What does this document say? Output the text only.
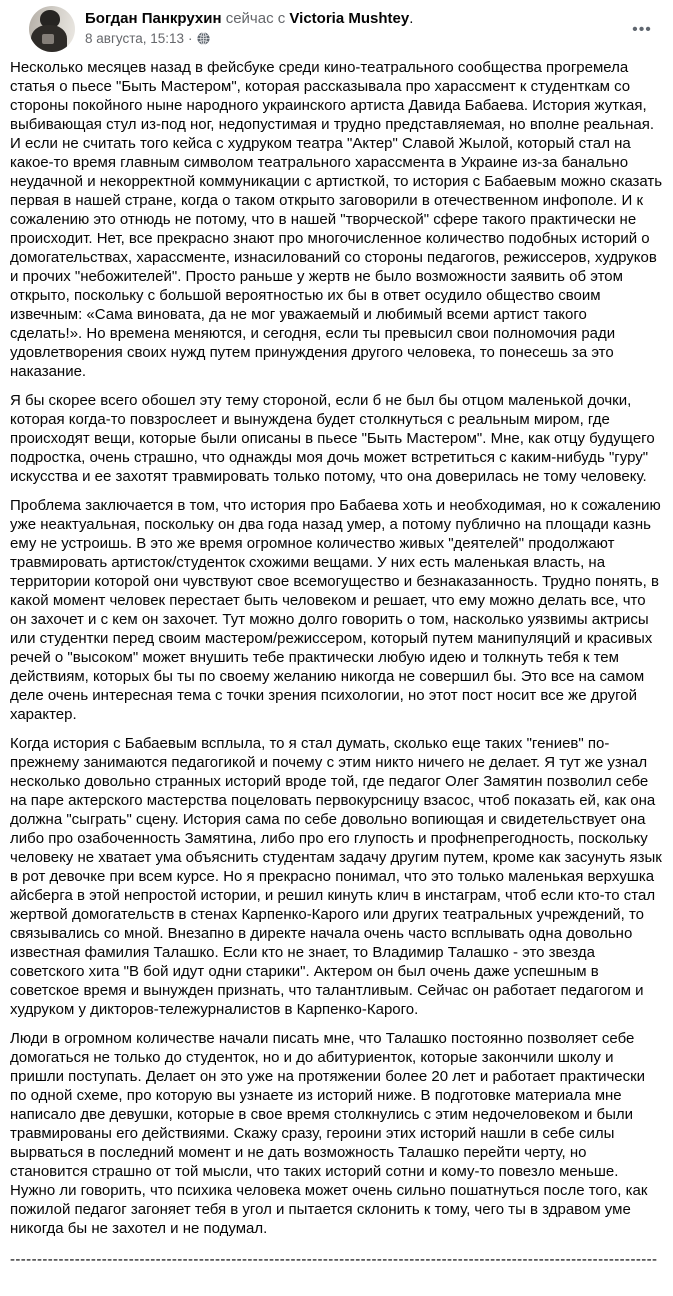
Богдан Панкрухин сейчас с Victoria Mushtey.
8 августа, 15:13 ·
•••

Несколько месяцев назад в фейсбуке среди кино-театрального сообщества прогремела статья о пьесе "Быть Мастером", которая рассказывала про харассмент к студенткам со стороны покойного ныне народного украинского артиста Давида Бабаева. История жуткая, выбивающая стул из-под ног, недопустимая и трудно представляемая, но вполне реальная. И если не считать того кейса с худруком театра "Актер" Славой Жылой, который стал на какое-то время главным символом театрального харассмента в Украине из-за банально неудачной и некорректной коммуникации с артисткой, то история с Бабаевым можно сказать первая в нашей стране, когда о таком открыто заговорили в отечественном инфополе. И к сожалению это отнюдь не потому, что в нашей "творческой" сфере такого практически не происходит. Нет, все прекрасно знают про многочисленное количество подобных историй о домогательствах, харассменте, изнасилований со стороны педагогов, режиссеров, худруков и прочих "небожителей". Просто раньше у жертв не было возможности заявить об этом открыто, поскольку с большой вероятностью их бы в ответ осудило общество своим извечным: «Сама виновата, да не мог уважаемый и любимый всеми артист такого сделать!». Но времена меняются, и сегодня, если ты превысил свои полномочия ради удовлетворения своих нужд путем принуждения другого человека, то понесешь за это наказание.

Я бы скорее всего обошел эту тему стороной, если б не был бы отцом маленькой дочки, которая когда-то повзрослеет и вынуждена будет столкнуться с реальным миром, где происходят вещи, которые были описаны в пьесе "Быть Мастером". Мне, как отцу будущего подростка, очень страшно, что однажды моя дочь может встретиться с каким-нибудь "гуру" искусства и ее захотят травмировать только потому, что она доверилась не тому человеку.

Проблема заключается в том, что история про Бабаева хоть и необходимая, но к сожалению уже неактуальная, поскольку он два года назад умер, а потому публично на площади казнь ему не устроишь. В это же время огромное количество живых "деятелей" продолжают травмировать артисток/студенток схожими вещами. У них есть маленькая власть, на территории которой они чувствуют свое всемогущество и безнаказанность. Трудно понять, в какой момент человек перестает быть человеком и решает, что ему можно делать все, что он захочет и с кем он захочет. Тут можно долго говорить о том, насколько уязвимы актрисы или студентки перед своим мастером/режиссером, который путем манипуляций и красивых речей о "высоком" может внушить тебе практически любую идею и толкнуть тебя к тем действиям, которых бы ты по своему желанию никогда не совершил бы. Это все на самом деле очень интересная тема с точки зрения психологии, но этот пост носит все же другой характер.

Когда история с Бабаевым всплыла, то я стал думать, сколько еще таких "гениев" по-прежнему занимаются педагогикой и почему с этим никто ничего не делает. Я тут же узнал несколько довольно странных историй вроде той, где педагог Олег Замятин позволил себе на паре актерского мастерства поцеловать первокурсницу взасос, чтоб показать ей, как она должна "сыграть" сцену. История сама по себе довольно вопиющая и свидетельствует она либо про озабоченность Замятина, либо про его глупость и профнепрегодность, поскольку человеку не хватает ума объяснить студентам задачу другим путем, кроме как засунуть язык в рот девочке при всем курсе. Но я прекрасно понимал, что это только маленькая верхушка айсберга в этой непростой истории, и решил кинуть клич в инстаграм, чтоб если кто-то стал жертвой домогательств в стенах Карпенко-Карого или других театральных учреждений, то связывались со мной. Внезапно в директе начала очень часто всплывать одна довольно известная фамилия Талашко. Если кто не знает, то Владимир Талашко - это звезда советского хита "В бой идут одни старики". Актером он был очень даже успешным в советское время и вынужден признать, что талантливым. Сейчас он работает педагогом и худруком у дикторов-тележурналистов в Карпенко-Карого.

Люди в огромном количестве начали писать мне, что Талашко постоянно позволяет себе домогаться не только до студенток, но и до абитуриенток, которые закончили школу и пришли поступать. Делает он это уже на протяжении более 20 лет и работает практически по одной схеме, про которую вы узнаете из историй ниже. В подготовке материала мне написало две девушки, которые в свое время столкнулись с этим недочеловеком и были травмированы его действиями. Скажу сразу, героини этих историй нашли в себе силы вырваться в последний момент и не дать возможность Талашко перейти черту, но становится страшно от той мысли, что таких историй сотни и кому-то повезло меньше. Нужно ли говорить, что психика человека может очень сильно пошатнуться после того, как пожилой педагог загоняет тебя в угол и пытается склонить к тому, чего ты в здравом уме никогда бы не захотел и не подумал.

------------------------------------------------------------------------------------------------------------------------
